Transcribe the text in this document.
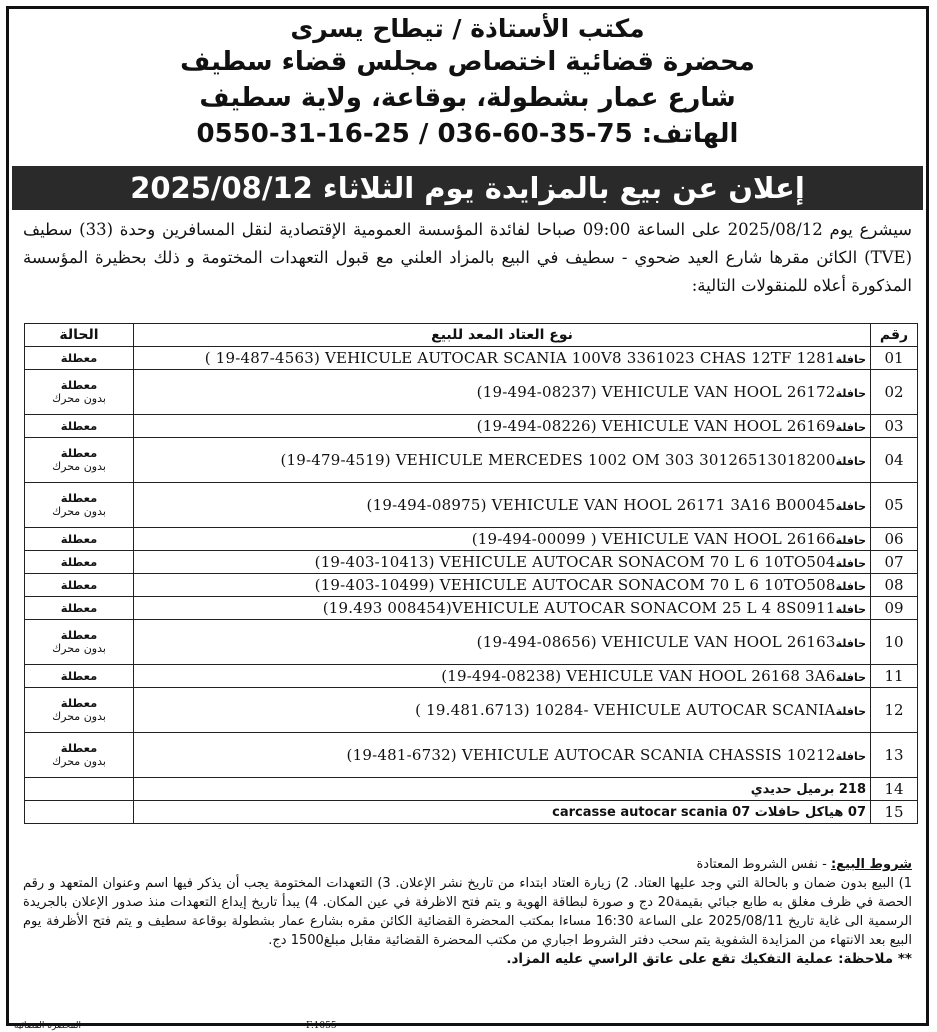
مكتب الأستاذة / تيطاح يسرى
محضرة قضائية اختصاص مجلس قضاء سطيف
شارع عمار بشطولة، بوقاعة، ولاية سطيف
الهاتف: 75-35-60-036 / 25-16-31-0550
إعلان عن بيع بالمزايدة يوم الثلاثاء 2025/08/12
سيشرع يوم 2025/08/12 على الساعة 09:00 صباحا لفائدة المؤسسة العمومية الإقتصادية لنقل المسافرين وحدة (33) سطيف (TVE) الكائن مقرها شارع العيد ضحوي - سطيف في البيع بالمزاد العلني مع قبول التعهدات المختومة و ذلك بحظيرة المؤسسة المذكورة أعلاه للمنقولات التالية:
رقم	نوع العتاد المعد للبيع	الحالة
01	( 19-487-4563) VEHICULE AUTOCAR SCANIA 100V8 3361023 CHAS 12TF 1281حافلة	معطلة

02	(19-494-08237) VEHICULE VAN HOOL 26172حافلة	معطلة
بدون محرك

03	(19-494-08226) VEHICULE VAN HOOL 26169حافلة	معطلة

04	(19-479-4519) VEHICULE MERCEDES 1002 OM 303 30126513018200حافلة	معطلة
بدون محرك

05	(19-494-08975) VEHICULE VAN HOOL 26171 3A16 B00045حافلة	معطلة
بدون محرك

06	(19-494-00099 ) VEHICULE VAN HOOL 26166حافلة	معطلة

07	(19-403-10413) VEHICULE AUTOCAR SONACOM 70 L 6 10TO504حافلة	معطلة

08	(19-403-10499) VEHICULE AUTOCAR SONACOM 70 L 6 10TO508حافلة	معطلة

09	(19.493 008454)VEHICULE AUTOCAR SONACOM 25 L 4 8S0911حافلة	معطلة

10	(19-494-08656) VEHICULE VAN HOOL 26163حافلة	معطلة
بدون محرك

11	(19-494-08238) VEHICULE VAN HOOL 26168 3A6حافلة	معطلة

12	( 19.481.6713) 10284- VEHICULE AUTOCAR SCANIAحافلة	معطلة
بدون محرك

13	(19-481-6732) VEHICULE AUTOCAR SCANIA CHASSIS 10212حافلة	معطلة
بدون محرك

14	218 برميل حديدي	
15	07 هياكل حافلات 07 carcasse autocar scania	
شروط البيع: - نفس الشروط المعتادة
1) البيع بدون ضمان و بالحالة التي وجد عليها العتاد. 2) زيارة العتاد ابتداء من تاريخ نشر الإعلان. 3) التعهدات المختومة يجب أن يذكر فيها اسم وعنوان المتعهد و رقم الحصة في ظرف مغلق به طابع جبائي بقيمة20 دج و صورة لبطاقة الهوية و يتم فتح الاظرفة في عين المكان. 4) يبدأ تاريخ إيداع التعهدات منذ صدور الإعلان بالجريدة الرسمية الى غاية تاريخ 2025/08/11 على الساعة 16:30 مساءا بمكتب المحضرة القضائية الكائن مقره بشارع عمار بشطولة بوقاعة سطيف و يتم فتح الأظرفة يوم البيع بعد الانتهاء من المزايدة الشفوية يتم سحب دفتر الشروط اجباري من مكتب المحضرة القضائية مقابل مبلغ1500 دج.
** ملاحظة: عملية التفكيك تقع على عاتق الراسي عليه المزاد.
المحضرة القضائية	F.1055
